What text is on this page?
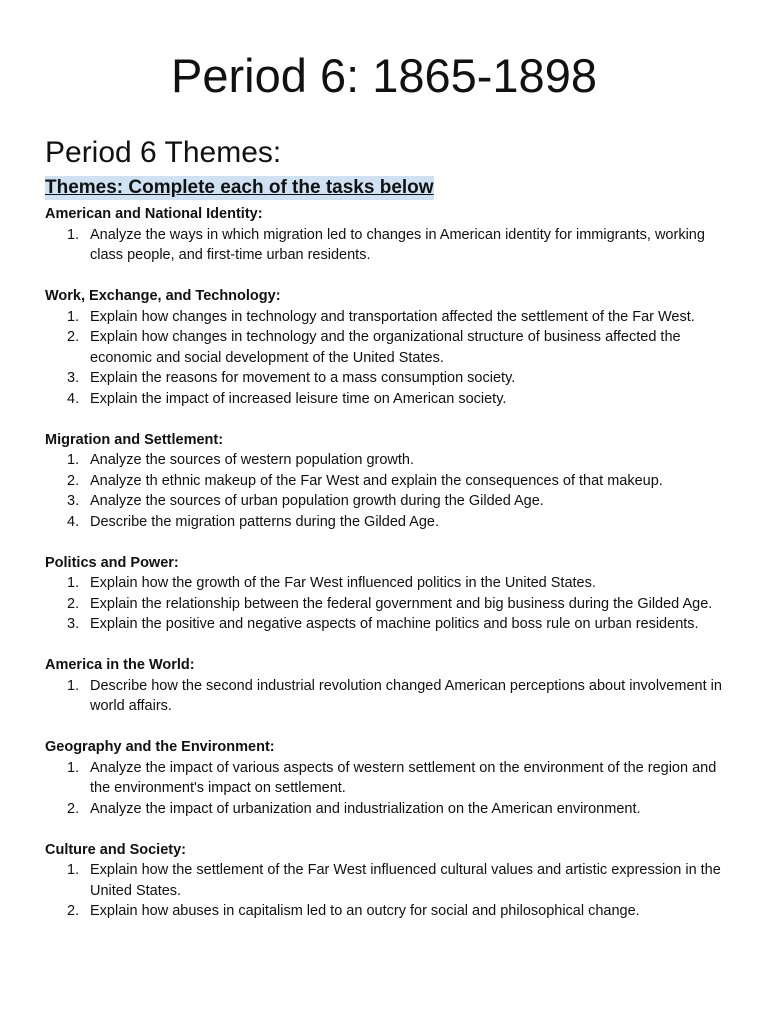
Period 6: 1865-1898
Period 6 Themes:
Themes: Complete each of the tasks below
American and National Identity:
Analyze the ways in which migration led to changes in American identity for immigrants, working class people, and first-time urban residents.
Work, Exchange, and Technology:
Explain how changes in technology and transportation affected the settlement of the Far West.
Explain how changes in technology and the organizational structure of business affected the economic and social development of the United States.
Explain the reasons for movement to a mass consumption society.
Explain the impact of increased leisure time on American society.
Migration and Settlement:
Analyze the sources of western population growth.
Analyze th ethnic makeup of the Far West and explain the consequences of that makeup.
Analyze the sources of urban population growth during the Gilded Age.
Describe the migration patterns during the Gilded Age.
Politics and Power:
Explain how the growth of the Far West influenced politics in the United States.
Explain the relationship between the federal government and big business during the Gilded Age.
Explain the positive and negative aspects of machine politics and boss rule on urban residents.
America in the World:
Describe how the second industrial revolution changed American perceptions about involvement in world affairs.
Geography and the Environment:
Analyze the impact of various aspects of western settlement on the environment of the region and the environment's impact on settlement.
Analyze the impact of urbanization and industrialization on the American environment.
Culture and Society:
Explain how the settlement of the Far West influenced cultural values and artistic expression in the United States.
Explain how abuses in capitalism led to an outcry for social and philosophical change.
